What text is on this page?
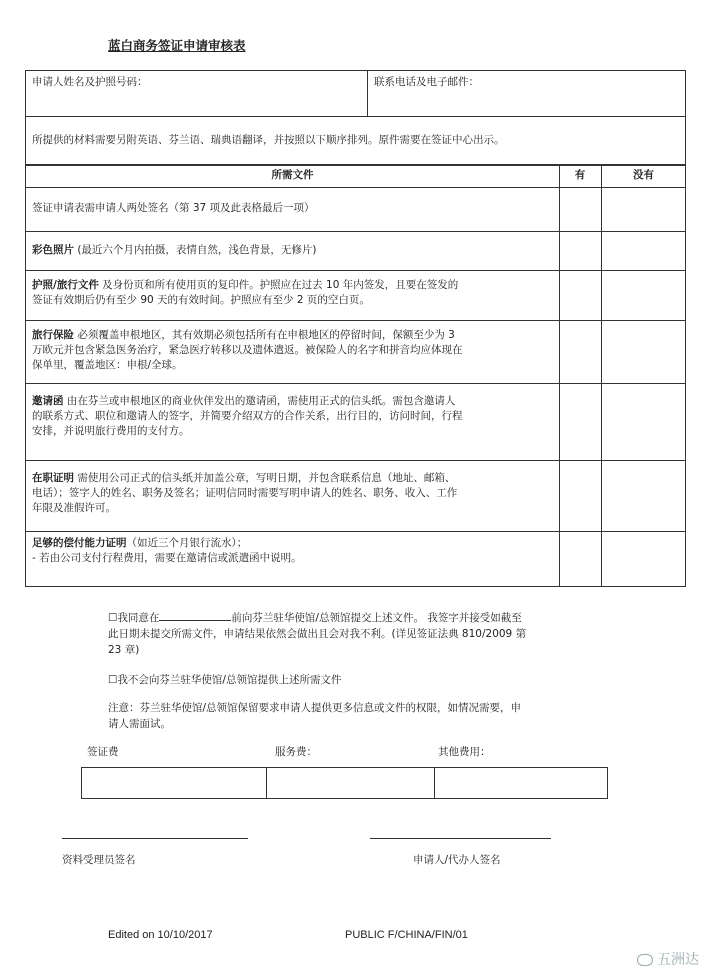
蓝白商务签证申请审核表
申请人姓名及护照号码：	联系电话及电子邮件：
所提供的材料需要另附英语、芬兰语、瑞典语翻译，并按照以下顺序排列。原件需要在签证中心出示。
所需文件	有	没有
签证申请表需申请人两处签名（第 37 项及此表格最后一项）
彩色照片 (最近六个月内拍摄，表情自然，浅色背景，无修片)
护照/旅行文件 及身份页和所有使用页的复印件。护照应在过去 10 年内签发，且要在签发的
签证有效期后仍有至少 90 天的有效时间。护照应有至少 2 页的空白页。
旅行保险 必须覆盖申根地区，其有效期必须包括所有在申根地区的停留时间，保额至少为 3
万欧元并包含紧急医务治疗，紧急医疗转移以及遗体遣返。被保险人的名字和拼音均应体现在
保单里，覆盖地区：申根/全球。
邀请函 由在芬兰或申根地区的商业伙伴发出的邀请函，需使用正式的信头纸。需包含邀请人
的联系方式、职位和邀请人的签字，并简要介绍双方的合作关系，出行目的，访问时间，行程
安排，并说明旅行费用的支付方。
在职证明 需使用公司正式的信头纸并加盖公章，写明日期，并包含联系信息（地址、邮箱、
电话）；签字人的姓名、职务及签名；证明信同时需要写明申请人的姓名、职务、收入、工作
年限及准假许可。
足够的偿付能力证明（如近三个月银行流水）；
- 若由公司支付行程费用，需要在邀请信或派遣函中说明。
☐我同意在	前向芬兰驻华使馆/总领馆提交上述文件。 我签字并接受如截至
此日期未提交所需文件，申请结果依然会做出且会对我不利。(详见签证法典 810/2009 第
23 章)
☐我不会向芬兰驻华使馆/总领馆提供上述所需文件
注意：芬兰驻华使馆/总领馆保留要求申请人提供更多信息或文件的权限，如情况需要，申
请人需面试。
签证费	服务费：	其他费用：
资料受理员签名	申请人/代办人签名
Edited on 10/10/2017	PUBLIC F/CHINA/FIN/01
五洲达
